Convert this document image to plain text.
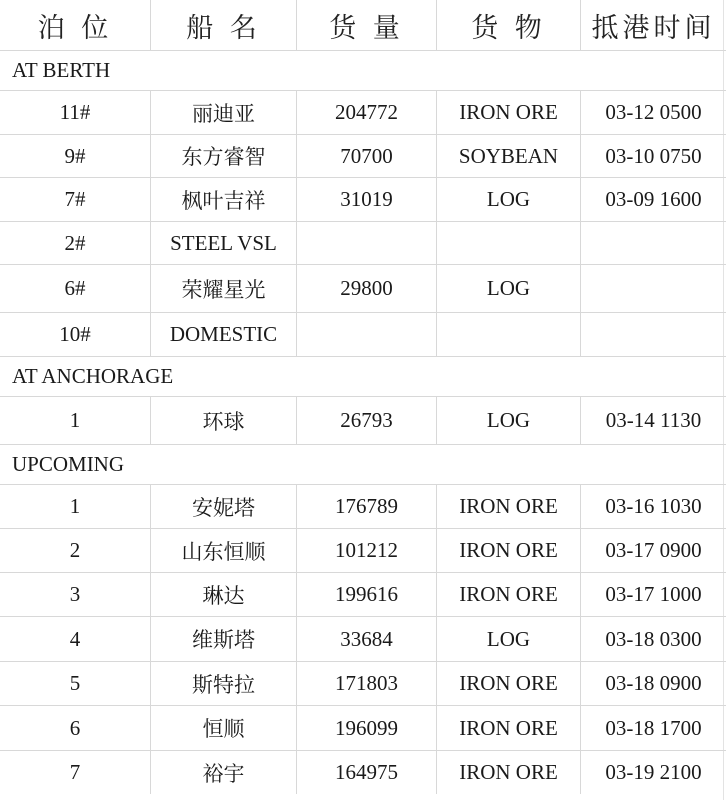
泊 位	船 名	货 量	货 物	抵港时间
AT BERTH
11#	丽迪亚	204772	IRON ORE	03-12 0500
9#	东方睿智	70700	SOYBEAN	03-10 0750
7#	枫叶吉祥	31019	LOG	03-09 1600
2#	STEEL VSL
6#	荣耀星光	29800	LOG
10#	DOMESTIC
AT ANCHORAGE
1	环球	26793	LOG	03-14 1130
UPCOMING
1	安妮塔	176789	IRON ORE	03-16 1030
2	山东恒顺	101212	IRON ORE	03-17 0900
3	琳达	199616	IRON ORE	03-17 1000
4	维斯塔	33684	LOG	03-18 0300
5	斯特拉	171803	IRON ORE	03-18 0900
6	恒顺	196099	IRON ORE	03-18 1700
7	裕宇	164975	IRON ORE	03-19 2100
